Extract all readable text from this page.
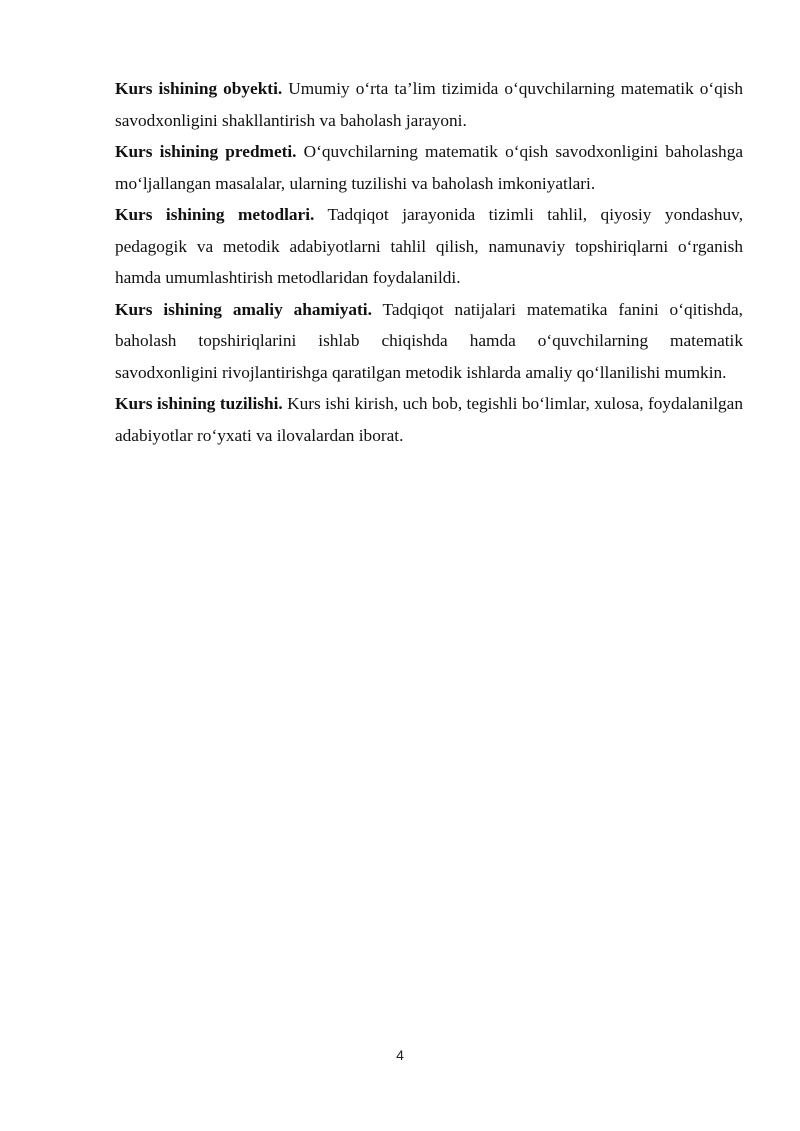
Kurs ishining obyekti. Umumiy o‘rta ta’lim tizimida o‘quvchilarning matematik o‘qish savodxonligini shakllantirish va baholash jarayoni.

Kurs ishining predmeti. O‘quvchilarning matematik o‘qish savodxonligini baholashga mo‘ljallangan masalalar, ularning tuzilishi va baholash imkoniyatlari.

Kurs ishining metodlari. Tadqiqot jarayonida tizimli tahlil, qiyosiy yondashuv, pedagogik va metodik adabiyotlarni tahlil qilish, namunaviy topshiriqlarni o‘rganish hamda umumlashtirish metodlaridan foydalanildi.

Kurs ishining amaliy ahamiyati. Tadqiqot natijalari matematika fanini o‘qitishda, baholash topshiriqlarini ishlab chiqishda hamda o‘quvchilarning matematik savodxonligini rivojlantirishga qaratilgan metodik ishlarda amaliy qo‘llanilishi mumkin.

Kurs ishining tuzilishi. Kurs ishi kirish, uch bob, tegishli bo‘limlar, xulosa, foydalanilgan adabiyotlar ro‘yxati va ilovalardan iborat.

4
